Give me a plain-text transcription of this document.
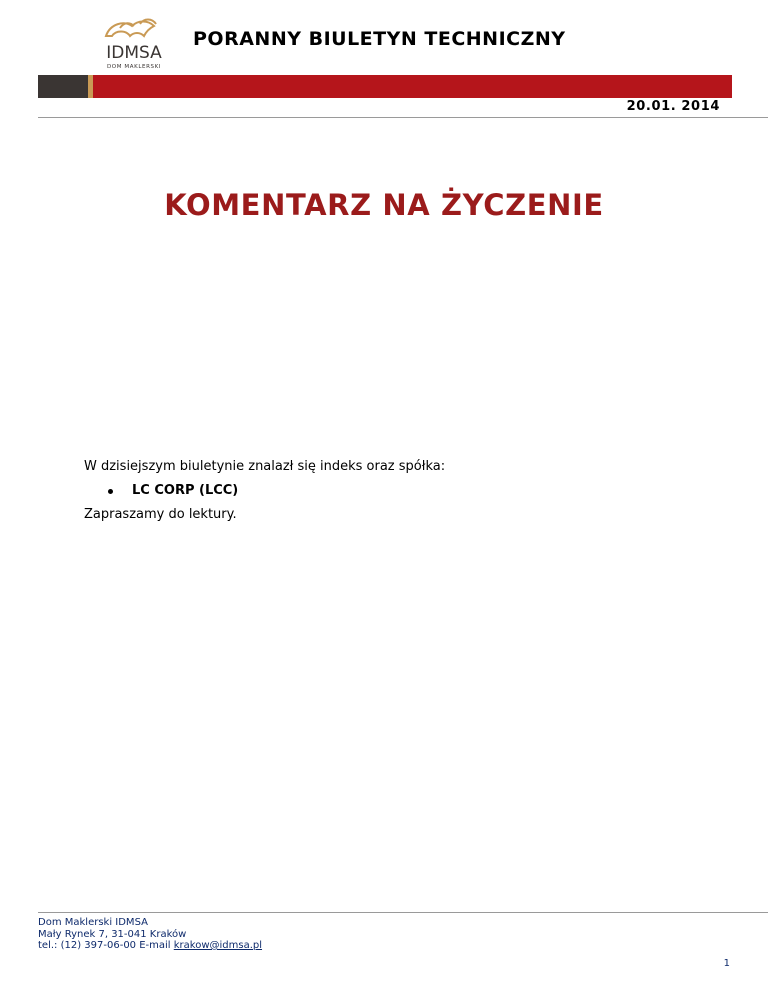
IDMSA
DOM MAKLERSKI
PORANNY BIULETYN TECHNICZNY
20.01. 2014
KOMENTARZ NA ŻYCZENIE
W dzisiejszym biuletynie znalazł się indeks oraz spółka:
LC CORP (LCC)
Zapraszamy do lektury.
Dom Maklerski IDMSA
Mały Rynek 7, 31-041 Kraków
tel.: (12) 397-06-00 E-mail krakow@idmsa.pl
1
